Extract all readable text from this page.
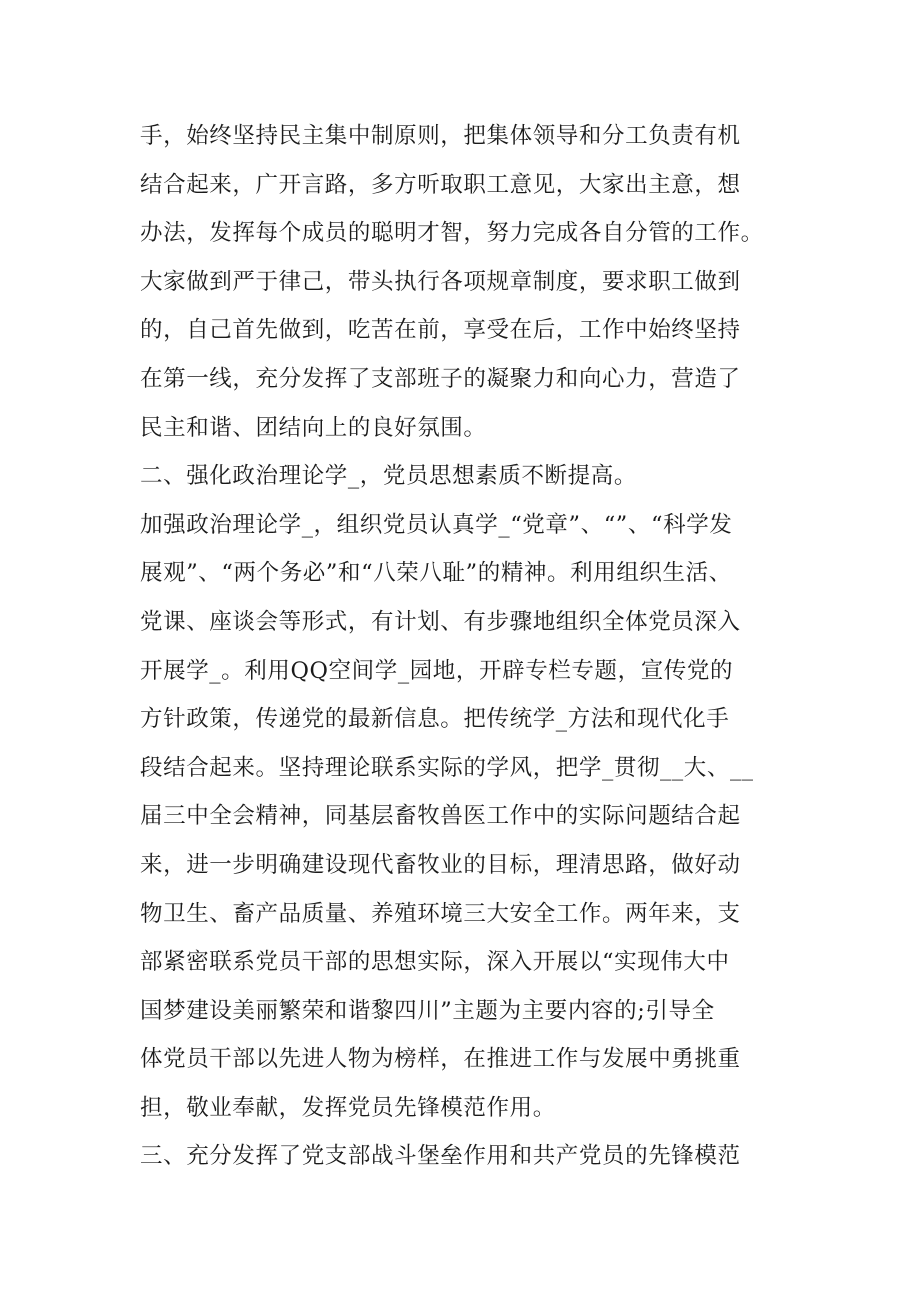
手，始终坚持民主集中制原则，把集体领导和分工负责有机
结合起来，广开言路，多方听取职工意见，大家出主意，想
办法，发挥每个成员的聪明才智，努力完成各自分管的工作。
大家做到严于律己，带头执行各项规章制度，要求职工做到
的，自己首先做到，吃苦在前，享受在后，工作中始终坚持
在第一线，充分发挥了支部班子的凝聚力和向心力，营造了
民主和谐、团结向上的良好氛围。
二、强化政治理论学_，党员思想素质不断提高。
加强政治理论学_，组织党员认真学_“党章”、“”、“科学发
展观”、“两个务必”和“八荣八耻”的精神。利用组织生活、
党课、座谈会等形式，有计划、有步骤地组织全体党员深入
开展学_。利用QQ空间学_园地，开辟专栏专题，宣传党的
方针政策，传递党的最新信息。把传统学_方法和现代化手
段结合起来。坚持理论联系实际的学风，把学_贯彻__大、__
届三中全会精神，同基层畜牧兽医工作中的实际问题结合起
来，进一步明确建设现代畜牧业的目标，理清思路，做好动
物卫生、畜产品质量、养殖环境三大安全工作。两年来，支
部紧密联系党员干部的思想实际，深入开展以“实现伟大中
国梦建设美丽繁荣和谐黎四川”主题为主要内容的;引导全
体党员干部以先进人物为榜样，在推进工作与发展中勇挑重
担，敬业奉献，发挥党员先锋模范作用。
三、充分发挥了党支部战斗堡垒作用和共产党员的先锋模范
